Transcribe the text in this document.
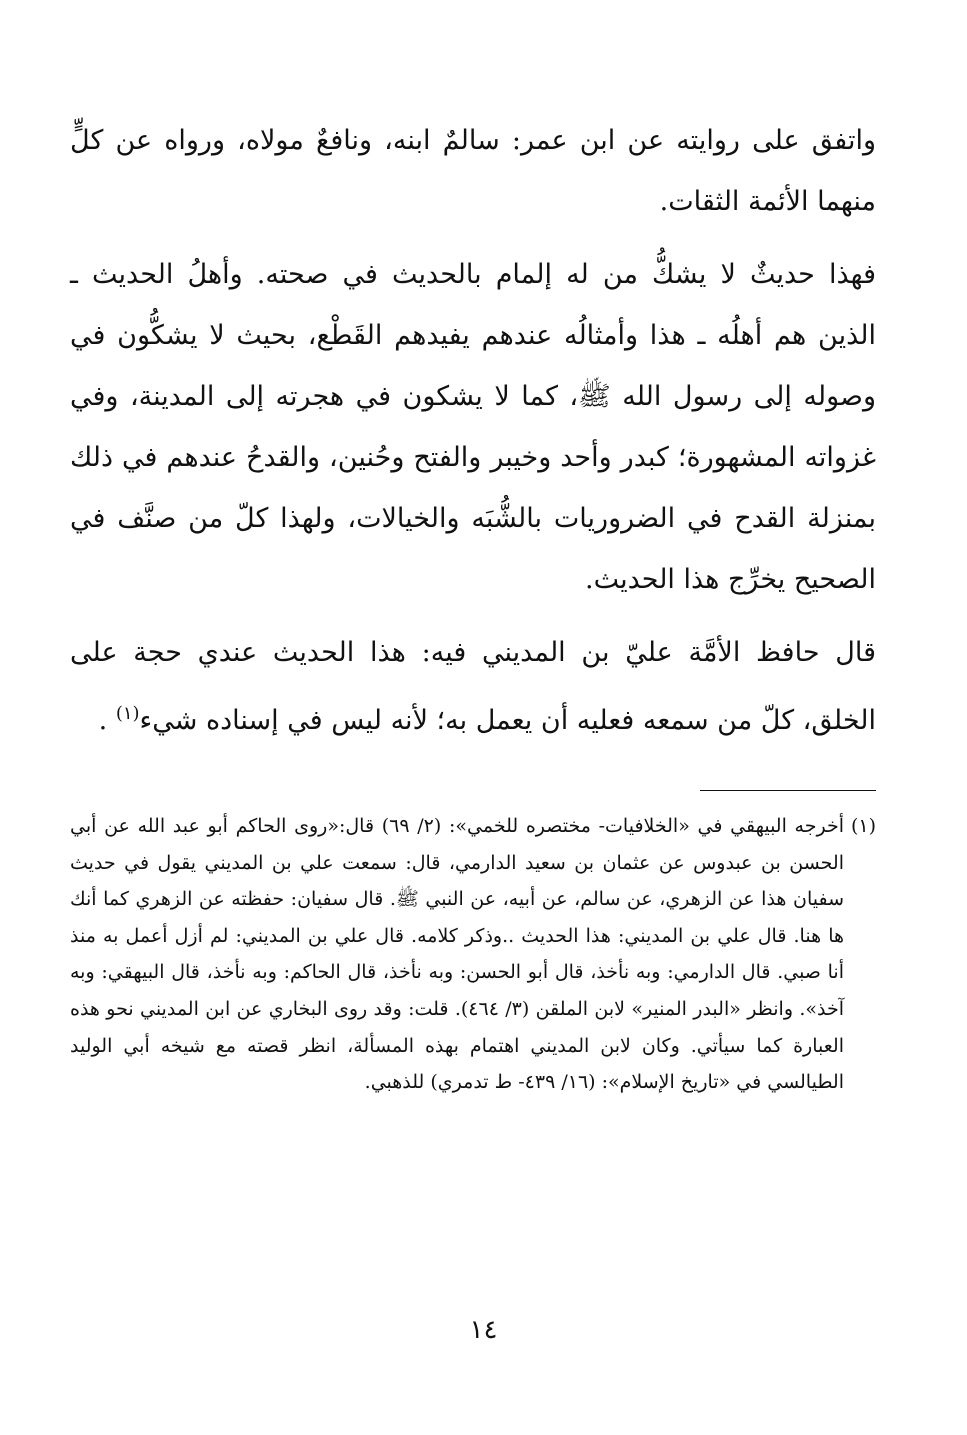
واتفق على روايته عن ابن عمر: سالمٌ ابنه، ونافعٌ مولاه، ورواه عن كلٍّ منهما الأئمة الثقات.

فهذا حديثٌ لا يشكُّ من له إلمام بالحديث في صحته. وأهلُ الحديث ـ الذين هم أهلُه ـ هذا وأمثالُه عندهم يفيدهم القَطْع، بحيث لا يشكُّون في وصوله إلى رسول الله ﷺ، كما لا يشكون في هجرته إلى المدينة، وفي غزواته المشهورة؛ كبدر وأحد وخيبر والفتح وحُنين، والقدحُ عندهم في ذلك بمنزلة القدح في الضروريات بالشُّبَه والخيالات، ولهذا كلّ من صنَّف في الصحيح يخرِّج هذا الحديث.

قال حافظ الأمَّة عليّ بن المديني فيه: هذا الحديث عندي حجة على الخلق، كلّ من سمعه فعليه أن يعمل به؛ لأنه ليس في إسناده شيء$^{(١)}$ .

(١)

أخرجه البيهقي في «الخلافيات- مختصره للخمي»: (٢/ ٦٩) قال:«روى الحاكم أبو عبد الله عن أبي الحسن بن عبدوس عن عثمان بن سعيد الدارمي، قال: سمعت علي بن المديني يقول في حديث سفيان هذا عن الزهري، عن سالم، عن أبيه، عن النبي ﷺ. قال سفيان: حفظته عن الزهري كما أنك ها هنا. قال علي بن المديني: هذا الحديث ..وذكر كلامه. قال علي بن المديني: لم أزل أعمل به منذ أنا صبي. قال الدارمي: وبه نأخذ، قال أبو الحسن: وبه نأخذ، قال الحاكم: وبه نأخذ، قال البيهقي: وبه آخذ». وانظر «البدر المنير» لابن الملقن (٣/ ٤٦٤). قلت: وقد روى البخاري عن ابن المديني نحو هذه العبارة كما سيأتي. وكان لابن المديني اهتمام بهذه المسألة، انظر قصته مع شيخه أبي الوليد الطيالسي في «تاريخ الإسلام»: (١٦/ ٤٣٩- ط تدمري) للذهبي.

١٤
